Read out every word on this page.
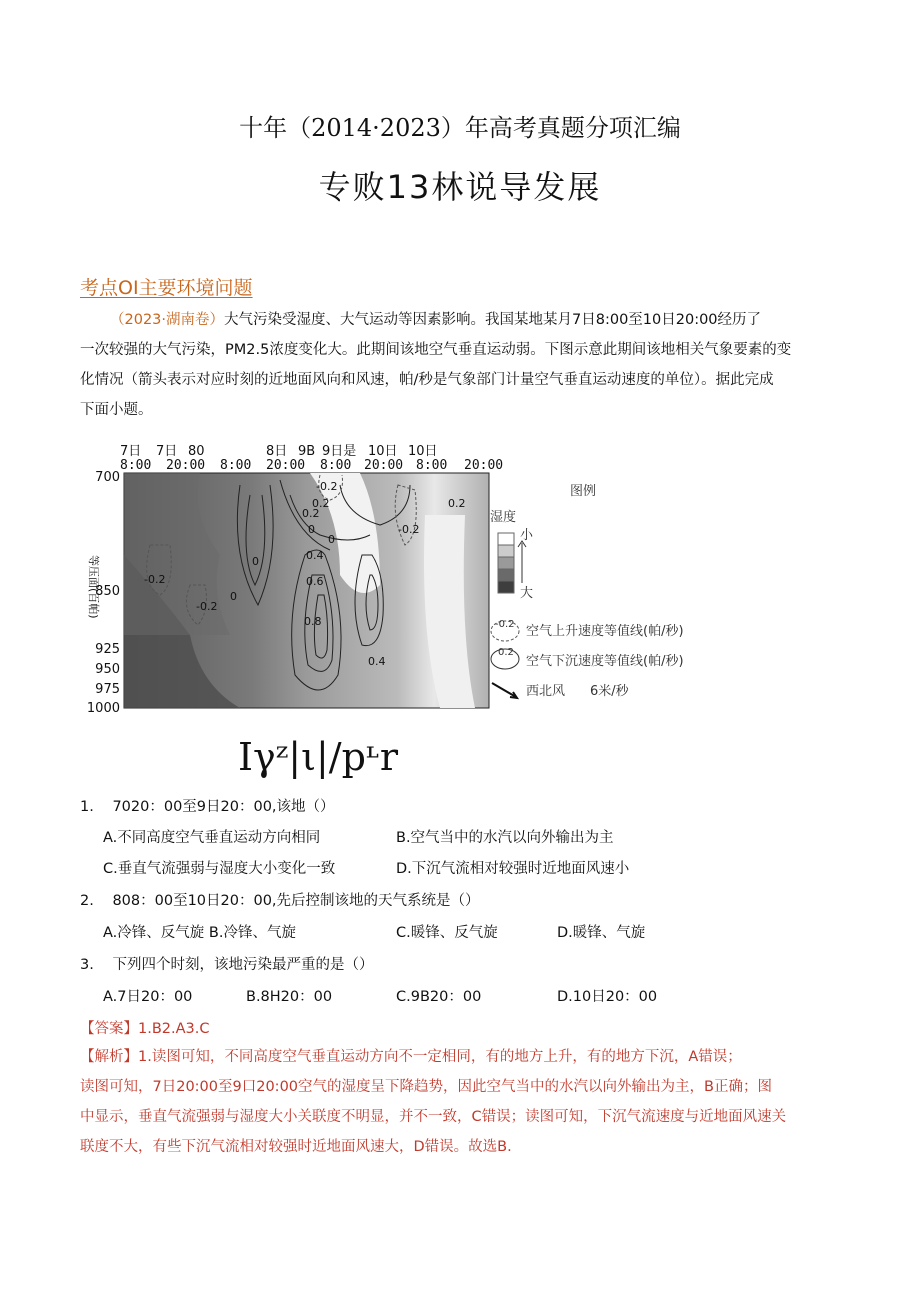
十年（2014·2023）年高考真题分项汇编
专败13林说导发展
考点OI主要环境问题
（2023·湖南卷）大气污染受湿度、大气运动等因素影响。我国某地某月7日8:00至10日20:00经历了
一次较强的大气污染，PM2.5浓度变化大。此期间该地空气垂直运动弱。下图示意此期间该地相关气象要素的变
化情况（箭头表示对应时刻的近地面风向和风速，帕/秒是气象部门计量空气垂直运动速度的单位）。据此完成
下面小题。
7日 7日 80	8日 9B 9日是 10日 10日
8:00 20:00 8:00 20:00 8:00 20:00 8:00 20:00
-0.2
-0.2
0
0
-0.2
0.2
0
0.4
0.6
0.8
0.4
-0.2
0.2
0.2
0
700
850
925
950
975
1000
等压面(百帕)
图例
湿度
小
大
-0.2 空气上升速度等值线(帕/秒)
0.2
空气下沉速度等值线(帕/秒)
西北风 6米/秒
Iγᶻ|ι|/pᶫr
1. 7020：00至9日20：00,该地（）
A.不同高度空气垂直运动方向相同	B.空气当中的水汽以向外输出为主
C.垂直气流强弱与湿度大小变化一致	D.下沉气流相对较强时近地面风速小
2. 808：00至10日20：00,先后控制该地的天气系统是（）
A.冷锋、反气旋 B.冷锋、气旋	C.暖锋、反气旋	D.暖锋、气旋
3. 下列四个时刻，该地污染最严重的是（）
A.7日20：00	B.8H20：00	C.9B20：00	D.10日20：00
【答案】1.B2.A3.C
【解析】1.读图可知，不同高度空气垂直运动方向不一定相同，有的地方上升，有的地方下沉，A错误；
读图可知，7日20:00至9口20:00空气的湿度呈下降趋势，因此空气当中的水汽以向外输出为主，B正确；图
中显示，垂直气流强弱与湿度大小关联度不明显，并不一致，C错误；读图可知，下沉气流速度与近地面风速关
联度不大，有些下沉气流相对较强时近地面风速大，D错误。故选B.
